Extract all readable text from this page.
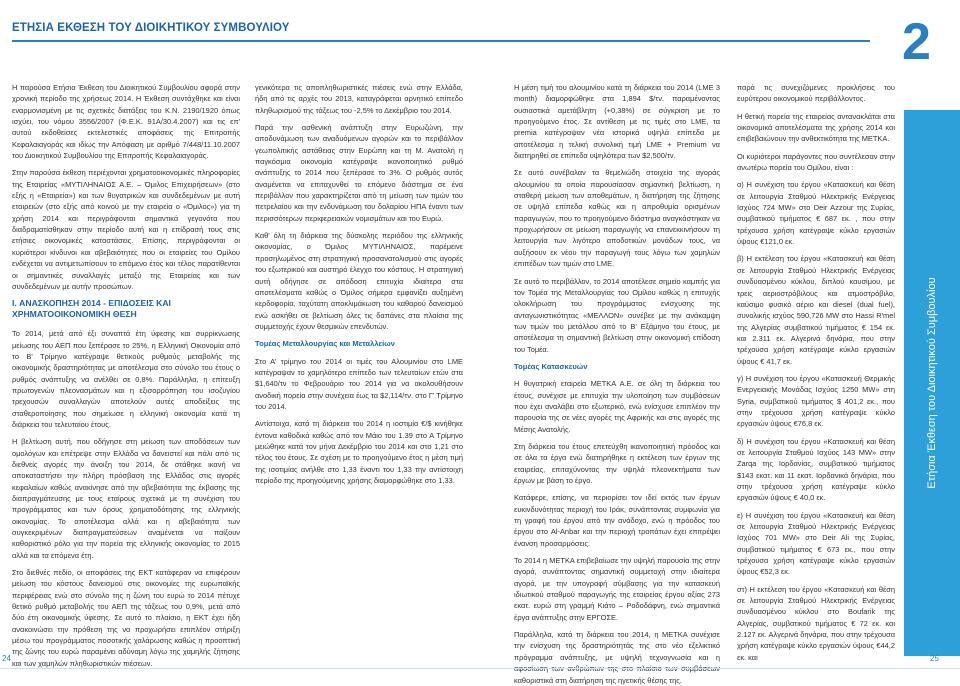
ΕΤΗΣΙΑ ΕΚΘΕΣΗ ΤΟΥ ΔΙΟΙΚΗΤΙΚΟΥ ΣΥΜΒΟΥΛΙΟΥ	2

Η παρούσα Ετήσια Έκθεση του Διοικητικού Συμβουλίου αφορά στην χρονική περίοδο της χρήσεως 2014. Η Έκθεση συντάχθηκε και είναι εναρμονισμένη με τις σχετικές διατάξεις του Κ.Ν. 2190/1920 όπως ισχύει, του νόμου 3556/2007 (Φ.Ε.Κ. 91Α/30.4.2007) και τις επ' αυτού εκδοθείσες εκτελεστικές αποφάσεις της Επιτροπής Κεφαλαιαγοράς και ιδίως την Απόφαση με αριθμό 7/448/11.10.2007 του Διοικητικού Συμβουλίου της Επιτροπής Κεφαλαιαγοράς.

Στην παρούσα έκθεση περιέχονται χρηματοοικονομικές πληροφορίες της Εταιρείας «ΜΥΤΙΛΗΝΑΙΟΣ Α.Ε. – Όμιλος Επιχειρήσεων» (στο εξής η «Εταιρεία») και των θυγατρικών και συνδεδεμένων με αυτή εταιρειών (στο εξής από κοινού με την εταιρεία ο «Όμιλος») για τη χρήση 2014 και περιγράφονται σημαντικά γεγονότα που διαδραματίσθηκαν στην περίοδο αυτή και η επίδρασή τους στις ετήσιες οικονομικές καταστάσεις. Επίσης, περιγράφονται οι κυριότεροι κίνδυνοι και αβεβαιότητες που οι εταιρείες του Ομίλου ενδέχεται να αντιμετωπίσουν το επόμενο έτος και τέλος παρατίθενται οι σημαντικές συναλλαγές μεταξύ της Εταιρείας και των συνδεδεμένων με αυτήν προσώπων.

I. ΑΝΑΣΚΟΠΗΣΗ 2014 - ΕΠΙΔΟΣΕΙΣ ΚΑΙ ΧΡΗΜΑΤΟΟΙΚΟΝΟΜΙΚΗ ΘΕΣΗ

Το 2014, μετά από έξι συναπτά έτη ύφεσης και συρρίκνωσης μείωσης του ΑΕΠ που ξεπέρασε το 25%, η Ελληνική Οικονομία από το Β' Τρίμηνο κατέγραψε θετικούς ρυθμούς μεταβολής της οικονομικής δραστηριότητας με αποτέλεσμα στο σύνολο του έτους ο ρυθμός ανάπτυξης να ανέλθει σε 0,8%. Παράλληλα, η επίτευξη πρωτογενών πλεονασμάτων και η εξισορρόπηση του ισοζυγίου τρεχουσών συναλλαγών αποτελούν αυτές αποδείξεις της σταθεροποίησης που σημείωσε η ελληνική οικονομία κατά τη διάρκεια του τελευταίου έτους.

Η βελτίωση αυτή, που οδήγησε στη μείωση των αποδόσεων των ομολόγων και επέτρεψε στην Ελλάδα να δανειστεί και πάλι από τις διεθνείς αγορές την άνοιξη του 2014, δε στάθηκε ικανή να αποκαταστήσει την πλήρη πρόσβαση της Ελλάδας στις αγορές κεφαλαίων καθώς ανακίνησε από την αβεβαιότητα της έκβασης της διαπραγμάτευσης με τους εταίρους σχετικά με τη συνέχιση του προγράμματος και των όρους χρηματοδότησης της ελληνικής οικονομίας. Το αποτέλεσμα αλλά και η αβεβαιότητα των συγκεκριμένων διαπραγματεύσεων αναμένεται να παίξουν καθοριστικό ρόλο για την πορεία της ελληνικής οικονομίας το 2015 αλλά και τα επόμενα έτη.

Στο διεθνές πεδίο, οι αποφάσεις της ΕΚΤ κατάφεραν να επιφέρουν μείωση του κόστους δανεισμού στις οικονομίες της ευρωπαϊκής περιφέρειας ενώ στο σύνολο της η ζώνη του ευρώ το 2014 πέτυχε θετικό ρυθμό μεταβολής του ΑΕΠ της τάξεως του 0,9%, μετά από δύο έτη οικονομικής ύφεσης. Σε αυτό το πλαίσιο, η ΕΚΤ έχει ήδη ανακοινώσει την πρόθεση της να προχωρήσει επιπλέον στήριξη μέσω του προγράμματος ποσοτικής χαλάρωσης καθώς η προοπτική της ζώνης του ευρώ παραμένει αδύναμη λόγω της χαμηλής ζήτησης και των χαμηλών πληθωριστικών πιέσεων.

γενικότερα τις αποπληθωριστικές πιέσεις ενώ στην Ελλάδα, ήδη από τις αρχές του 2013, καταγράφεται αρνητικό επίπεδο πληθωρισμού της τάξεως του -2,5% το Δεκέμβριο του 2014.

Παρά την ασθενική ανάπτυξη στην Ευρωζώνη, την αποδυνάμωση των αναδυόμενων αγορών και το περιβάλλον γεωπολιτικής αστάθειας στην Ευρώπη και τη Μ. Ανατολή η παγκόσμια οικονομία κατέγραψε ικανοποιητικό ρυθμό ανάπτυξης το 2014 που ξεπέρασε το 3%. Ο ρυθμός αυτός αναμένεται να επιταχυνθεί το επόμενο διάστημα σε ένα περιβάλλον που χαρακτηρίζεται από τη μείωση των τιμών του πετρελαίου και την ενδυνάμωση του δολαρίου ΗΠΑ έναντι των περισσότερων περιφερειακών νομισμάτων και του Ευρώ.

Καθ' όλη τη διάρκεια της δύσκολης περιόδου της ελληνικής οικονομίας, ο Όμιλος ΜΥΤΙΛΗΝΑΙΟΣ, παρέμεινε προσηλωμένος στη στρατηγική προσανατολισμού στις αγορές του εξωτερικού και αυστηρό έλεγχο του κόστους. Η στρατηγική αυτή οδήγησε σε απόδοση επιτυχία ιδιαίτερα στα αποτελέσματα καθώς ο Όμιλος σήμερα εμφανίζει αυξημένη κερδοφορία, ταχύτατη αποκλιμάκωση του καθαρού δανεισμού ενώ ασκήθει σε βελτίωση όλες τις δαπάνες στα πλαίσια της συμμετοχής έχουν θεσμικών επενδυτών.

Τομέας Μεταλλουργίας και Μεταλλείων

Στο Α' τρίμηνο του 2014 οι τιμές του Αλουμινίου στο LME κατέγραψαν το χαμηλότερο επίπεδο των τελευταίων ετών στα $1,640/τν το Φεβρουάριο του 2014 για να ακολουθήσουν ανοδική πορεία στην συνέχεια έως τα $2,114/τν. στο Γ' Τρίμηνο του 2014.

Αντίστοιχα, κατά τη διάρκεια του 2014 η ιοστιμία €/$ κινήθηκε έντονα καθοδικά καθώς από τον Μάιο του 1.39 στο Α Τρίμηνο μειώθηκε κατά τον μήνα Δεκέμβριο του 2014 και στο 1,21 στο τέλος του έτους. Σε σχέση με το προηγούμενο έτος η μέση τιμή της ισοτιμίας ανήλθε στο 1,33 έναντι του 1,33 την αντίστοιχη περίοδο της προηγούμενης χρήσης διαμορφώθηκε στο 1,33.

Η μέση τιμή του αλουμινίου κατά τη διάρκεια του 2014 (LME 3 month) διαμορφώθηκε στα 1,894 $/τν. παραμένοντας ουσιαστικά αμετάβλητη (+0,38%) σε σύγκριση με το προηγούμενο έτος. Σε αντίθεση με τις τιμές στο LME, τα premia κατέγραψαν νέα ιστορικά υψηλά επίπεδα με αποτέλεσμα η τελική συνολική τιμή LME + Premium να διατηρηθεί σε επίπεδα υψηλότερα των $2,500/τν.

Σε αυτό συνέβαλαν τα θεμελιώδη στοιχεία της αγοράς αλουμινίου τα οποία παρουσίασαν σημαντική βελτίωση, η σταθερή μείωση των αποθεμάτων, η διατήρηση της ζήτησης σε υψηλά επίπεδα καθώς και η απροθυμία ορισμένων παραγωγών, που το προηγούμενο διάστημα αναγκάστηκαν να προχωρήσουν σε μείωση παραγωγής να επανεκκινήσουν τη λειτουργία των λιγότερο αποδοτικών μονάδων τους, να αυξήσουν εκ νέου την παραγωγή τους λόγω των χαμηλών επιπέδων των τιμών στο LME.

Σε αυτό το περιβάλλον, το 2014 αποτέλεσε σημείο καμπής για τον Τομέα της Μεταλλουργίας του Ομίλου καθώς η επιτυχής ολοκλήρωση του προγράμματος ενίσχυσης της ανταγωνιστικότητας «ΜΕΛΛΟΝ» συνέβεε με την ανάκαμψη των τιμών του μετάλλου από το Β' Εξάμηνο του έτους, με αποτέλεσμα τη σημαντική βελτίωση στην οικονομική επίδοση του Τομέα.

Τομέας Κατασκευών

Η θυγατρική εταιρεία ΜΕΤΚΑ Α.Ε. σε όλη τη διάρκεια του έτους, συνέχισε με επιτυχία την υλοποίηση των συμβάσεων που έχει αναλάβει στο εξωτερικό, ενώ ενίσχυσε επιπλέον την παρουσία της σε νέες αγορές της Αφρικής και στις αγορές της Μέσης Ανατολής.

Στη διάρκεια του έτους επετεύχθη ικανοποιητική πρόοδος και σε όλα τα έργα ενώ διατηρήθηκε η εκτέλεση των έργων της εταιρείας, επιταχύνοντας την υψηλά πλεονεκτήματα των έργων με βάση το έργο.

Κατάφερε, επίσης, να περιορίσει τον ιδεί εκτός των έργων ευκινδυνότητας περιοχή του Ιράκ, συνάπτοντας συμφωνία για τη γραφή του έργου από την ανάδοχο, ενώ η πρόοδος του έργου στο Al-Anbar και την περιοχή τροπάτων έχει επιτρέψει ένανση προσαρμόσεις.

Το 2014 η ΜΕΤΚΑ επιβεβαίωσε την υψηλή παρουσία της στην αγορά, συνάπτοντας σημαντική συμμετοχή στην ιδιαίτερα αγορά, με την υπογραφή σύμβασης για την κατασκευή ιδιωτικού σταθμού παραγωγής της εταιρείας έργου αξίας 273 εκατ. ευρώ στη γραμμή Κιάτο – Ροδοδάφνη, ενώ σημαντικά έργα ανάπτυξης στην ΕΡΓΟΣΕ.

Παράλληλα, κατά τη διάρκεια του 2014, η ΜΕΤΚΑ συνέχισε την ενίσχυση της δραστηριότητάς της στο νέο εξελικτικό πρόγραμμα ανάπτυξης, με υψηλή τεχνογνωσία και η καθοριστικά στη διατήρηση της ηγετικής θέσης της.

παρά τις συνεχιζόμενες προκλήσεις του ευρύτερου οικονομικού περιβάλλοντος.

Η θετική πορεία της εταιρείας αντανακλάται στα οικονομικά αποτελέσματα της χρήσης 2014 και επιβεβαιώνουν την ανθεκτικότητα της ΜΕΤΚΑ.

Οι κυριότεροι παράγοντες που συντέλεσαν στην ανωτέρω πορεία του Ομίλου, είναι :

α) Η συνέχιση του έργου «Κατασκευή και θέση σε λειτουργία Σταθμού Ηλεκτρικής Ενέργειας Ισχύος 724 MW» στο Deir Azzour της Συρίας, συμβατικού τιμήματος € 687 εκ. , που στην τρέχουσα χρήση κατέγραψε κύκλο εργασιών ύψους €121,0 εκ.

β) Η εκτέλεση του έργου «Κατασκευή και θέση σε λειτουργία Σταθμού Ηλεκτρικής Ενέργειας συνδυασμένου κύκλου, διπλού καυσίμου, με τρεις αεριοστρόβιλους και ατμοστρόβιλο, καύσιμο φυσικό αέριο και diesel (dual fuel), συνολικής ισχύος 590,726 MW στο Hassi R'mel της Αλγερίας συμβατικού τιμήματος € 154 εκ. και 2.311 εκ. Αλγερινά δηνάρια, που στην τρέχουσα χρήση κατέγραψε κύκλο εργασιών ύψους € 41,7 εκ.

γ) Η συνέχιση του έργου «Κατασκευή Θερμικής Ενεργειακής Μονάδας Ισχύος 1250 MW» στη Syria, συμβατικού τιμήματος $ 401,2 εκ., που στην τρέχουσα χρήση κατέγραψε κύκλο εργασιών ύψους €76,8 εκ.

δ) Η συνέχιση του έργου «Κατασκευή και θέση σε λειτουργία Σταθμού Ισχύος 143 MW» στην Zarqa της Ιορδανίας, συμβατικού τιμήματος $143 εκατ. και 11 εκατ. Ιορδανικά δηνάρια, που στην τρέχουσα χρήση κατέγραψε κύκλο εργασιών ύψους € 40,0 εκ.

ε) Η συνέχιση του έργου «Κατασκευή και θέση σε λειτουργία Σταθμού Ηλεκτρικής Ενέργειας Ισχύος 701 MW» στο Deir Ali της Συρίας, συμβατικού τιμήματος € 673 εκ., που στην τρέχουσα χρήση κατέγραψε κύκλο εργασιών ύψους €52,3 εκ.

στ) Η εκτέλεση του έργου «Κατασκευή και θέση σε λειτουργία Σταθμού Ηλεκτρικής Ενέργειας συνδυασμένου κύκλου στο Boufarik της Αλγερίας, συμβατικού τιμήματος € 72 εκ. και 2.127 εκ. Αλγερινά δηνάρια, που στην τρέχουσα χρήση κατέγραψε κύκλο εργασιών ύψους €44,2 εκ. και

Ετήσια Έκθεση του Διοικητικού Συμβουλίου
24	25
